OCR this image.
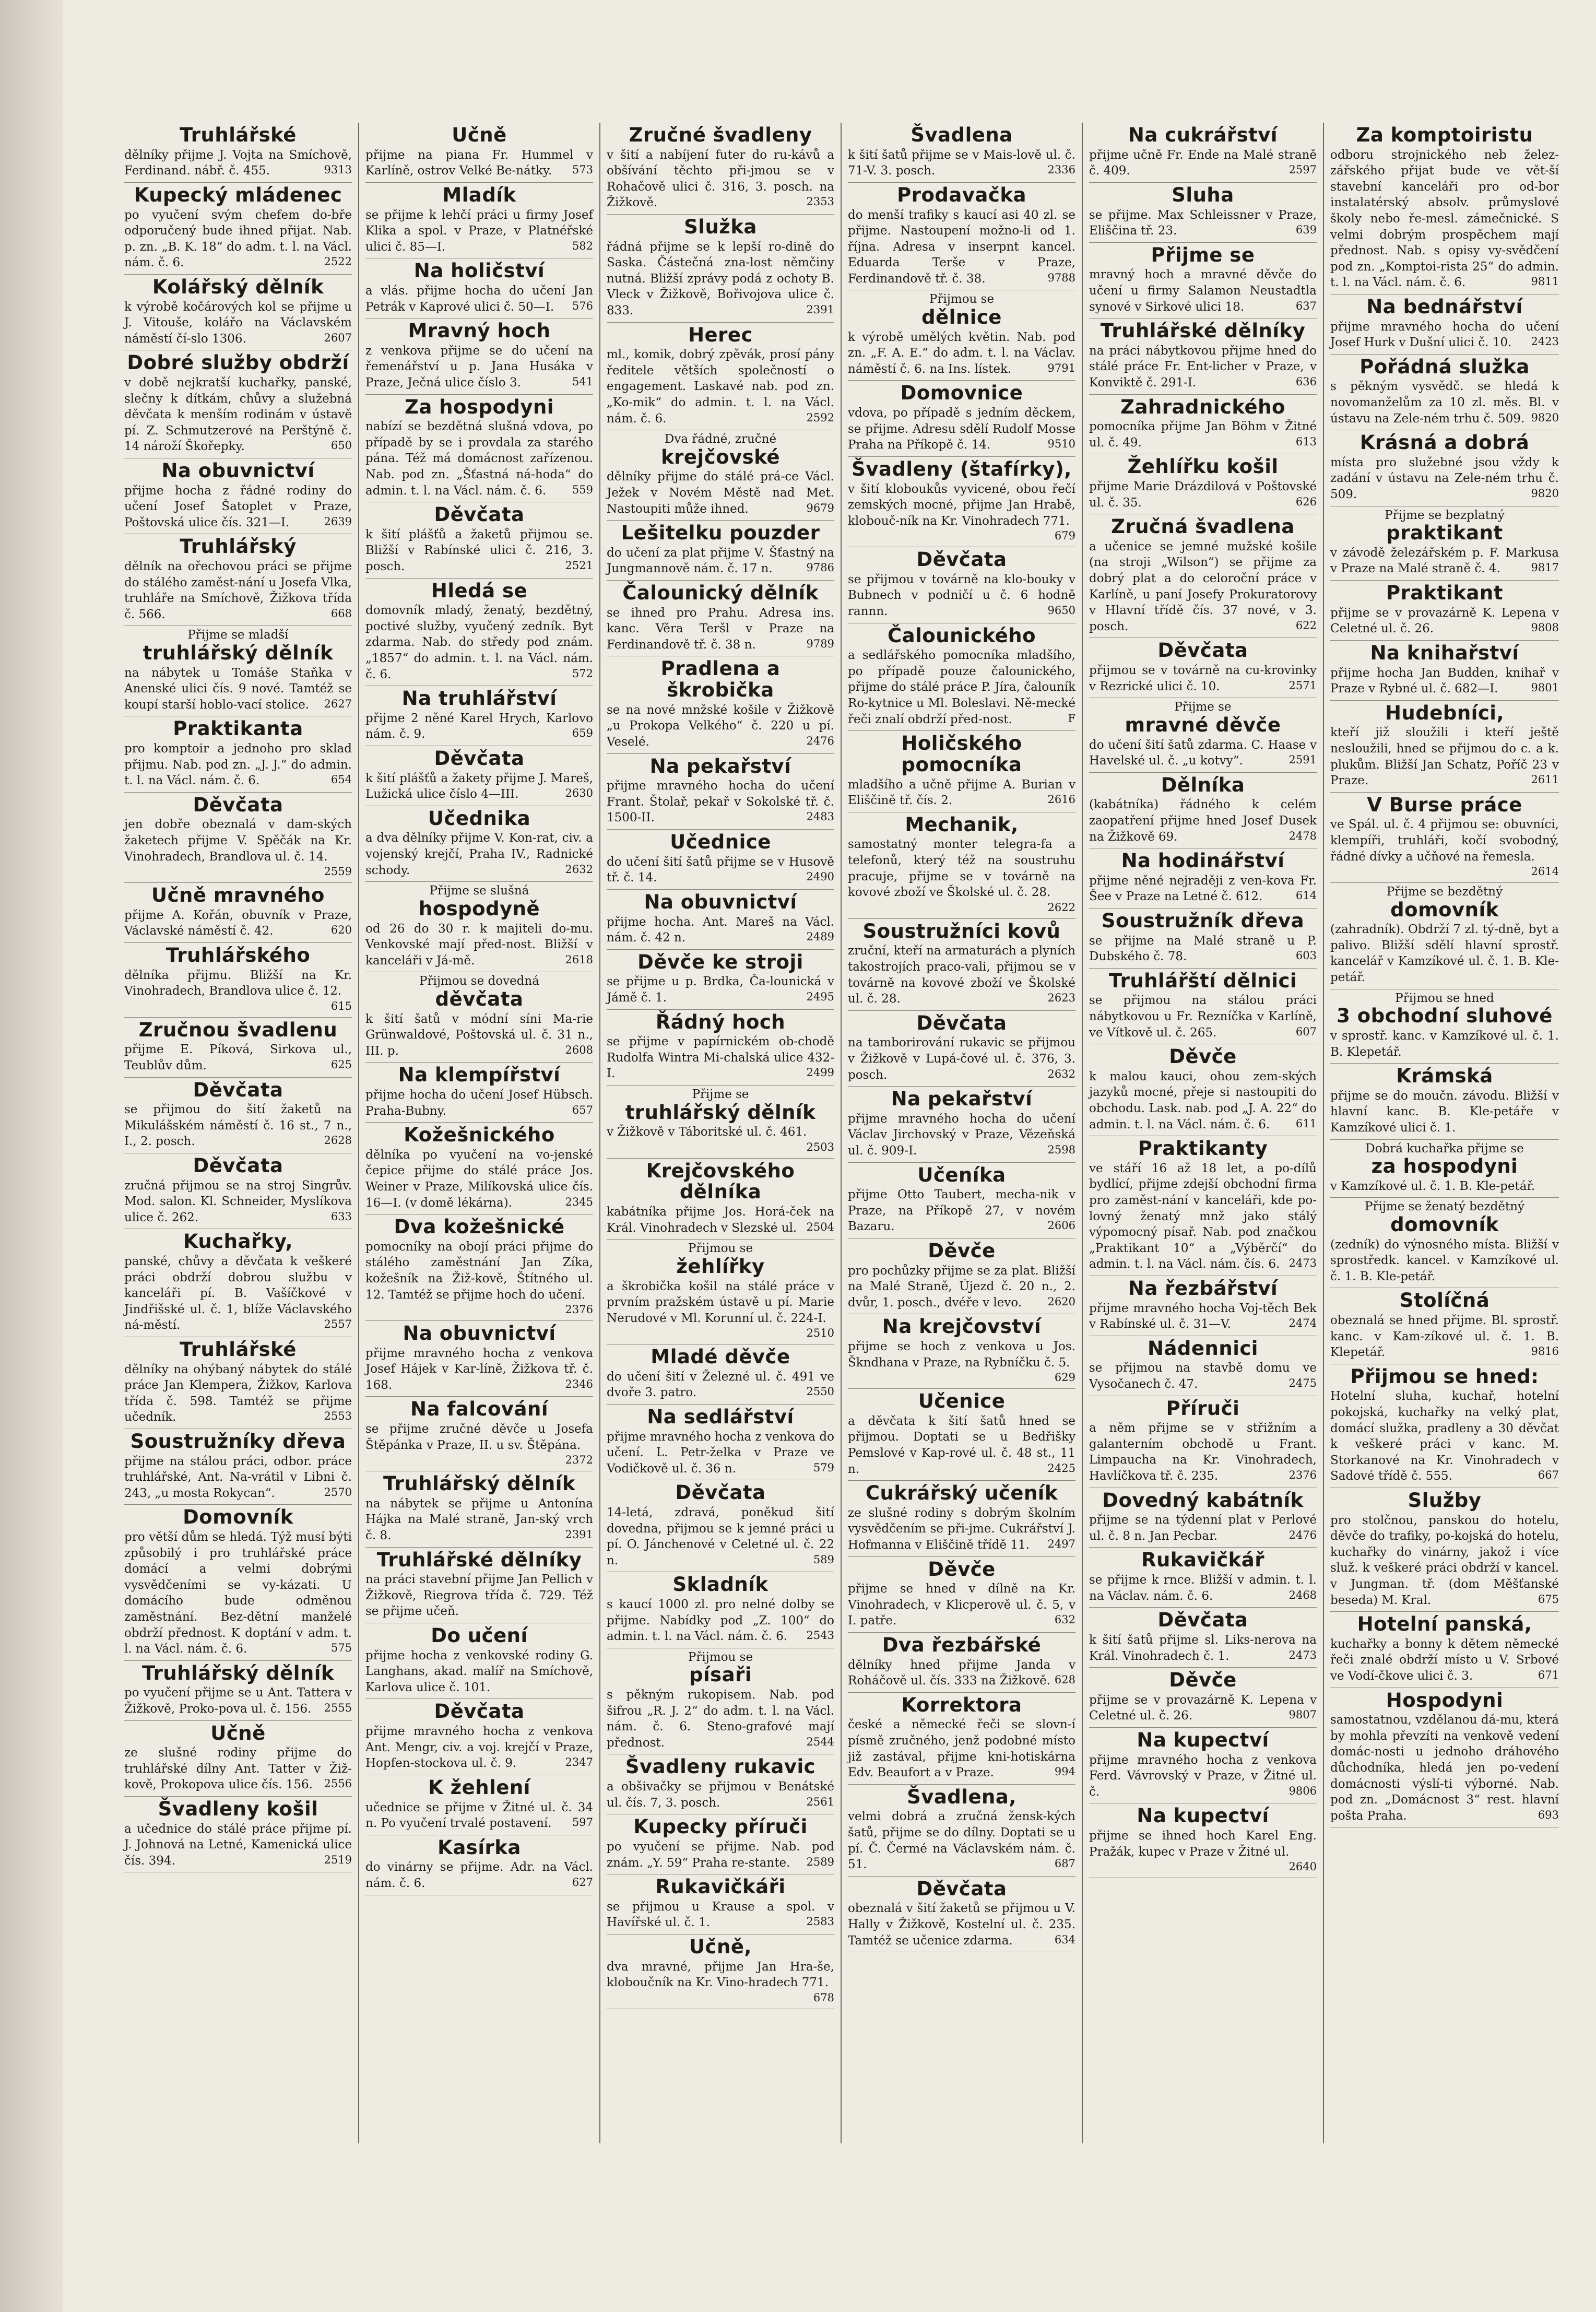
Truhlářské
dělníky přijme J. Vojta na Smíchově, Ferdinand. nábř. č. 455.	9313
Kupecký mládenec
po vyučení svým chefem do-bře odporučený bude ihned přijat. Nab. p. zn. „B. K. 18“ do adm. t. l. na Václ. nám. č. 6.	2522
Kolářský dělník
k výrobě kočárových kol se přijme u J. Vitouše, kolářo na Václavském náměstí čí-slo 1306.	2607
Dobré služby obdrží
v době nejkratší kuchařky, panské, slečny k dítkám, chůvy a služebná děvčata k menším rodinám v ústavě pí. Z. Schmutzerové na Perštýně č. 14 nároží Škořepky.	650
Na obuvnictví
přijme hocha z řádné rodiny do učení Josef Šatoplet v Praze, Poštovská ulice čís. 321—I.	2639
Truhlářský
dělník na ořechovou práci se přijme do stálého zaměst-nání u Josefa Vlka, truhláře na Smíchově, Žižkova třída č. 566.	668
Přijme se mladší
truhlářský dělník
na nábytek u Tomáše Staňka v Anenské ulici čís. 9 nové. Tamtéž se koupí starší hoblo-vací stolice. 2627
Praktikanta
pro komptoir a jednoho pro sklad přijmu. Nab. pod zn. „J. J.“ do admin. t. l. na Václ. nám. č. 6.	654
Děvčata
jen dobře obeznalá v dam-ských žaketech přijme V. Spěčák na Kr. Vinohradech, Brandlova ul. č. 14.
2559
Učně mravného
přijme A. Kořán, obuvník v Praze, Václavské náměstí č. 42.	620
Truhlářského
dělníka přijmu. Bližší na Kr. Vinohradech, Brandlova ulice č. 12.
615
Zručnou švadlenu
přijme E. Píková, Sirkova ul., Teublův dům.	625
Děvčata
se přijmou do šití žaketů na Mikulášském náměstí č. 16 st., 7 n., I., 2. posch.	2628
Děvčata
zručná přijmou se na stroj Singrův. Mod. salon. Kl. Schneider, Myslíkova ulice č. 262.	633
Kuchařky,
panské, chůvy a děvčata k veškeré práci obdrží dobrou službu v kanceláři pí. B. Vašíčkové v Jindřišské ul. č. 1, blíže Václavského ná-městí.	2557
Truhlářské
dělníky na ohýbaný nábytek do stálé práce Jan Klempera, Žižkov, Karlova třída č. 598. Tamtéž se přijme učedník.	2553
Soustružníky dřeva
přijme na stálou práci, odbor. práce truhlářské, Ant. Na-vrátil v Libni č. 243, „u mosta Rokycan“.	2570
Domovník
pro větší dům se hledá. Týž musí býti způsobilý i pro truhlářské práce domácí a velmi dobrými vysvědčeními se vy-kázati. U domácího bude odměnou zaměstnání. Bez-dětní manželé obdrží přednost. K doptání v adm. t. l. na Václ. nám. č. 6.	575
Truhlářský dělník
po vyučení přijme se u Ant. Tattera v Žižkově, Proko-pova ul. č. 156. 2555
Učně
ze slušné rodiny přijme do truhlářské dílny Ant. Tatter v Žiž-kově, Prokopova ulice čís. 156. 2556
Švadleny košil
a učednice do stálé práce přijme pí. J. Johnová na Letné, Kamenická ulice čís. 394.	2519
Učně
přijme na piana Fr. Hummel v Karlíně, ostrov Velké Be-nátky. 573
Mladík
se přijme k lehčí práci u firmy Josef Klika a spol. v Praze, v Platnéřské ulici č. 85—I.	582
Na holičství
a vlás. přijme hocha do učení Jan Petrák v Kaprové ulici č. 50—I. 576
Mravný hoch
z venkova přijme se do učení na řemenářství u p. Jana Husáka v Praze, Ječná ulice číslo 3.	541
Za hospodyni
nabízí se bezdětná slušná vdova, po případě by se i provdala za starého pána. Též má domácnost zařízenou. Nab. pod zn. „Šťastná ná-hoda“ do admin. t. l. na Václ. nám. č. 6. 559
Děvčata
k šití plášťů a žaketů přijmou se. Bližší v Rabínské ulici č. 216, 3. posch.	2521
Hledá se
domovník mladý, ženatý, bezdětný, poctivé služby, vyučený zedník. Byt zdarma. Nab. do středy pod znám. „1857“ do admin. t. l. na Václ. nám. č. 6.	572
Na truhlářství
přijme 2 něné Karel Hrych, Karlovo nám. č. 9.	659
Děvčata
k šití plášťů a žakety přijme J. Mareš, Lužická ulice číslo 4—III.	2630
Učednika
a dva dělníky přijme V. Kon-rat, civ. a vojenský krejčí, Praha IV., Radnické schody.	2632
Přijme se slušná
hospodyně
od 26 do 30 r. k majiteli do-mu. Venkovské mají před-nost. Bližší v kanceláři v Já-mě.	2618
Přijmou se dovedná
děvčata
k šití šatů v módní síni Ma-rie Grünwaldové, Poštovská ul. č. 31 n., III. p.	2608
Na klempířství
přijme hocha do učení Josef Hübsch. Praha-Bubny.	657
Kožešnického
dělníka po vyučení na vo-jenské čepice přijme do stálé práce Jos. Weiner v Praze, Milíkovská ulice čís. 16—I. (v domě lékárna).	2345
Dva kožešnické
pomocníky na obojí práci přijme do stálého zaměstnání Jan Zíka, kožešník na Žiž-kově, Štítného ul. 12. Tamtéž se přijme hoch do učení.
2376
Na obuvnictví
přijme mravného hocha z venkova Josef Hájek v Kar-líně, Žižkova tř. č. 168.	2346
Na falcování
se přijme zručné děvče u Josefa Štěpánka v Praze, II. u sv. Štěpána.
2372
Truhlářský dělník
na nábytek se přijme u Antonína Hájka na Malé straně, Jan-ský vrch č. 8.	2391
Truhlářské dělníky
na práci stavební přijme Jan Pellich v Žižkově, Riegrova třída č. 729. Též se přijme učeň.
Do učení
přijme hocha z venkovské rodiny G. Langhans, akad. malíř na Smíchově, Karlova ulice č. 101.
Děvčata
přijme mravného hocha z venkova Ant. Mengr, civ. a voj. krejčí v Praze, Hopfen-stockova ul. č. 9.	2347
K žehlení
učednice se přijme v Žitné ul. č. 34 n. Po vyučení trvalé postavení. 597
Kasírka
do vinárny se přijme. Adr. na Václ. nám. č. 6.	627
Zručné švadleny
v šití a nabíjení futer do ru-kávů a obšívání těchto při-jmou se v Rohačově ulici č. 316, 3. posch. na Žižkově.	2353
Služka
řádná přijme se k lepší ro-dině do Saska. Částečná zna-lost němčiny nutná. Bližší zprávy podá z ochoty B. Vleck v Žižkově, Bořivojova ulice č. 833.	2391
Herec
ml., komik, dobrý zpěvák, prosí pány ředitele větších společností o engagement. Laskavé nab. pod zn. „Ko-mik“ do admin. t. l. na Václ. nám. č. 6.	2592
Dva řádné, zručné
krejčovské
dělníky přijme do stálé prá-ce Václ. Ježek v Novém Městě nad Met. Nastoupiti může ihned.	9679
Lešitelku pouzder
do učení za plat přijme V. Šťastný na Jungmannově nám. č. 17 n.	9786
Čalounický dělník
se ihned pro Prahu. Adresa ins. kanc. Věra Teršl v Praze na Ferdinandově tř. č. 38 n.	9789
Pradlena a škrobička
se na nové mnžské košile v Žižkově „u Prokopa Velkého“ č. 220 u pí. Veselé.	2476
Na pekařství
přijme mravného hocha do učení Frant. Štolař, pekař v Sokolské tř. č. 1500-II.	2483
Učednice
do učení šití šatů přijme se v Husově tř. č. 14.	2490
Na obuvnictví
přijme hocha. Ant. Mareš na Václ. nám. č. 42 n.	2489
Děvče ke stroji
se přijme u p. Brdka, Ča-lounická v Jámě č. 1.	2495
Řádný hoch
se přijme v papírnickém ob-chodě Rudolfa Wintra Mi-chalská ulice 432-I.	2499
Přijme se
truhlářský dělník
v Žižkově v Táboritské ul. č. 461.
2503
Krejčovského dělníka
kabátníka přijme Jos. Horá-ček na Král. Vinohradech v Slezské ul. 2504
Přijmou se
žehlířky
a škrobička košil na stálé práce v prvním pražském ústavě u pí. Marie Nerudové v Ml. Korunní ul. č. 224-I.
2510
Mladé děvče
do učení šití v Železné ul. č. 491 ve dvoře 3. patro.	2550
Na sedlářství
přijme mravného hocha z venkova do učení. L. Petr-želka v Praze ve Vodičkově ul. č. 36 n.	579
Děvčata
14-letá, zdravá, poněkud šití dovedna, přijmou se k jemné práci u pí. O. Jánchenové v Celetné ul. č. 22 n.	589
Skladník
s kaucí 1000 zl. pro nelné dolby se přijme. Nabídky pod „Z. 100“ do admin. t. l. na Václ. nám. č. 6. 2543
Přijmou se
písaři
s pěkným rukopisem. Nab. pod šifrou „R. J. 2“ do adm. t. l. na Václ. nám. č. 6. Steno-grafové mají přednost.	2544
Švadleny rukavic
a obšivačky se přijmou v Benátské ul. čís. 7, 3. posch.	2561
Kupecky příruči
po vyučení se přijme. Nab. pod znám. „Y. 59“ Praha re-stante. 2589
Rukavičkáři
se přijmou u Krause a spol. v Havířské ul. č. 1.	2583
Učně,
dva mravné, přijme Jan Hra-še, kloboučník na Kr. Vino-hradech 771.
678
Švadlena
k šití šatů přijme se v Mais-lově ul. č. 71-V. 3. posch.	2336
Prodavačka
do menší trafiky s kaucí asi 40 zl. se přijme. Nastoupení možno-li od 1. října. Adresa v inserpnt kancel. Eduarda Terše v Praze, Ferdinandově tř. č. 38.	9788
Přijmou se
dělnice
k výrobě umělých květin. Nab. pod zn. „F. A. E.“ do adm. t. l. na Václav. náměstí č. 6. na Ins. lístek.	9791
Domovnice
vdova, po případě s jedním děckem, se přijme. Adresu sdělí Rudolf Mosse Praha na Příkopě č. 14.	9510
Švadleny (štafírky),
v šití kloboukůs vyvicené, obou řečí zemských mocné, přijme Jan Hrabě, klobouč-ník na Kr. Vinohradech 771.
679
Děvčata
se přijmou v továrně na klo-bouky v Bubnech v podničí u č. 6 hodně rannn.	9650
Čalounického
a sedlářského pomocníka mladšího, po případě pouze čalounického, přijme do stálé práce P. Jíra, čalouník Ro-kytnice u Ml. Boleslavi. Ně-mecké řeči znalí obdrží před-nost.	F
Holičského pomocníka
mladšího a učně přijme A. Burian v Eliščině tř. čís. 2.	2616
Mechanik,
samostatný monter telegra-fa a telefonů, který též na soustruhu pracuje, přijme se v továrně na kovové zboží ve Školské ul. č. 28.
2622
Soustružníci kovů
zruční, kteří na armaturách a plyních takostrojích praco-vali, přijmou se v továrně na kovové zboží ve Školské ul. č. 28.	2623
Děvčata
na tamborirování rukavic se přijmou v Žižkově v Lupá-čové ul. č. 376, 3. posch.	2632
Na pekařství
přijme mravného hocha do učení Václav Jirchovský v Praze, Vězeňská ul. č. 909-I.	2598
Učeníka
přijme Otto Taubert, mecha-nik v Praze, na Příkopě 27, v novém Bazaru.	2606
Děvče
pro pochůzky přijme se za plat. Bližší na Malé Straně, Újezd č. 20 n., 2. dvůr, 1. posch., dvéře v levo. 2620
Na krejčovství
přijme se hoch z venkova u Jos. Škndhana v Praze, na Rybníčku č. 5.
629
Učenice
a děvčata k šití šatů hned se přijmou. Doptati se u Bedřišky Pemslové v Kap-rové ul. č. 48 st., 11 n.	2425
Cukrářský učeník
ze slušné rodiny s dobrým školním vysvědčením se při-jme. Cukrářství J. Hofmanna v Eliščině třídě 11. 2497
Děvče
přijme se hned v dílně na Kr. Vinohradech, v Klicperově ul. č. 5, v I. patře.	632
Dva řezbářské
dělníky hned přijme Janda v Roháčově ul. čís. 333 na Žižkově. 628
Korrektora
české a německé řeči se slovn-í písmě zručného, jenž podobné místo již zastával, přijme kni-hotiskárna Edv. Beaufort a v Praze.	994
Švadlena,
velmi dobrá a zručná žensk-kých šatů, přijme se do dílny. Doptati se u pí. Č. Čermé na Václavském nám. č. 51.	687
Děvčata
obeznalá v šití žaketů se přijmou u V. Hally v Žižkově, Kostelní ul. č. 235. Tamtéž se učenice zdarma.	634
Na cukrářství
přijme učně Fr. Ende na Malé straně č. 409.	2597
Sluha
se přijme. Max Schleissner v Praze, Eliščina tř. 23.	639
Přijme se
mravný hoch a mravné děvče do učení u firmy Salamon Neustadtla synové v Sirkové ulici 18.	637
Truhlářské dělníky
na práci nábytkovou přijme hned do stálé práce Fr. Ent-licher v Praze, v Konviktě č. 291-I.	636
Zahradnického
pomocníka přijme Jan Böhm v Žitné ul. č. 49.	613
Žehlířku košil
přijme Marie Drázdilová v Poštovské ul. č. 35.	626
Zručná švadlena
a učenice se jemné mužské košile (na stroji „Wilson“) se přijme za dobrý plat a do celoroční práce v Karlíně, u paní Josefy Prokuratorovy v Hlavní třídě čís. 37 nové, v 3. posch.	622
Děvčata
přijmou se v továrně na cu-krovinky v Rezrické ulici č. 10.	2571
Přijme se
mravné děvče
do učení šití šatů zdarma. C. Haase v Havelské ul. č. „u kotvy“.	2591
Dělníka
(kabátníka) řádného k celém zaopatření přijme hned Josef Dusek na Žižkově 69.	2478
Na hodinářství
přijme něné nejraději z ven-kova Fr. Šee v Praze na Letné č. 612.	614
Soustružník dřeva
se přijme na Malé straně u P. Dubského č. 78.	603
Truhlářští dělnici
se přijmou na stálou práci nábytkovou u Fr. Rezníčka v Karlíně, ve Vítkově ul. č. 265.	607
Děvče
k malou kauci, ohou zem-ských jazyků mocné, přeje si nastoupiti do obchodu. Lask. nab. pod „J. A. 22“ do admin. t. l. na Václ. nám. č. 6. 611
Praktikanty
ve stáří 16 až 18 let, a po-dílů bydlící, přijme zdejší obchodní firma pro zaměst-nání v kanceláři, kde po-lovný ženatý mnž jako stálý výpomocný písař. Nab. pod značkou „Praktikant 10“ a „Výběrčí“ do admin. t. l. na Václ. nám. čís. 6. 2473
Na řezbářství
přijme mravného hocha Voj-těch Bek v Rabínské ul. č. 31—V.	2474
Nádennici
se přijmou na stavbě domu ve Vysočanech č. 47.	2475
Příruči
a něm přijme se v střižním a galanterním obchodě u Frant. Limpaucha na Kr. Vinohradech, Havlíčkova tř. č. 235.	2376
Dovedný kabátník
přijme se na týdenní plat v Perlové ul. č. 8 n. Jan Pecbar.	2476
Rukavičkář
se přijme k rnce. Bližší v admin. t. l. na Václav. nám. č. 6.	2468
Děvčata
k šití šatů přijme sl. Liks-nerova na Král. Vinohradech č. 1.	2473
Děvče
přijme se v provazárně K. Lepena v Celetné ul. č. 26.	9807
Na kupectví
přijme mravného hocha z venkova Ferd. Vávrovský v Praze, v Žitné ul. č.	9806
Na kupectví
přijme se ihned hoch Karel Eng. Pražák, kupec v Praze v Žitné ul.
2640
Za komptoiristu
odboru strojnického neb želez-zářského přijat bude ve vět-ší stavební kanceláři pro od-bor instalatérský absolv. průmyslové školy nebo ře-mesl. zámečnické. S velmi dobrým prospěchem mají přednost. Nab. s opisy vy-svědčení pod zn. „Komptoi-rista 25“ do admin. t. l. na Václ. nám. č. 6.	9811
Na bednářství
přijme mravného hocha do učení Josef Hurk v Dušní ulici č. 10. 2423
Pořádná služka
s pěkným vysvědč. se hledá k novomanželům za 10 zl. měs. Bl. v ústavu na Zele-ném trhu č. 509. 9820
Krásná a dobrá
místa pro služebné jsou vždy k zadání v ústavu na Zele-ném trhu č. 509.	9820
Přijme se bezplatný
praktikant
v závodě železářském p. F. Markusa v Praze na Malé straně č. 4.	9817
Praktikant
přijme se v provazárně K. Lepena v Celetné ul. č. 26.	9808
Na knihařství
přijme hocha Jan Budden, knihař v Praze v Rybné ul. č. 682—I.	9801
Hudebníci,
kteří již sloužili i kteří ještě nesloužili, hned se přijmou do c. a k. plukům. Bližší Jan Schatz, Poříč 23 v Praze.	2611
V Burse práce
ve Spál. ul. č. 4 přijmou se: obuvníci, klempíři, truhláři, kočí svobodný, řádné dívky a učňové na řemesla.
2614
Přijme se bezdětný
domovník
(zahradník). Obdrží 7 zl. tý-dně, byt a palivo. Bližší sdělí hlavní sprostř. kancelář v Kamzíkové ul. č. 1. B. Kle-petář.
Přijmou se hned
3 obchodní sluhové
v sprostř. kanc. v Kamzíkové ul. č. 1. B. Klepetář.
Krámská
přijme se do moučn. závodu. Bližší v hlavní kanc. B. Kle-petáře v Kamzíkové ulici č. 1.
Dobrá kuchařka přijme se
za hospodyni
v Kamzíkové ul. č. 1. B. Kle-petář.
Přijme se ženatý bezdětný
domovník
(zedník) do výnosného místa. Bližší v sprostředk. kancel. v Kamzíkové ul. č. 1. B. Kle-petář.
Stolíčná
obeznalá se hned přijme. Bl. sprostř. kanc. v Kam-zíkové ul. č. 1. B. Klepetář.	9816
Přijmou se hned:
Hotelní sluha, kuchař, hotelní pokojská, kuchařky na velký plat, domácí služka, pradleny a 30 děvčat k veškeré práci v kanc. M. Storkanové na Kr. Vinohradech v Sadové třídě č. 555.	667
Služby
pro stolčnou, panskou do hotelu, děvče do trafiky, po-kojská do hotelu, kuchařky do vinárny, jakož i více služ. k veškeré práci obdrží v kancel. v Jungman. tř. (dom Měšťanské beseda) M. Kral.	675
Hotelní panská,
kuchařky a bonny k dětem německé řeči znalé obdrží místo u V. Srbové ve Vodí-čkove ulici č. 3.	671
Hospodyni
samostatnou, vzdělanou dá-mu, která by mohla převzíti na venkově vedení domác-nosti u jednoho dráhového důchodníka, hledá jen po-vedení domácnosti výslí-ti výborné. Nab. pod zn. „Domácnost 3“ rest. hlavní pošta Praha.	693
